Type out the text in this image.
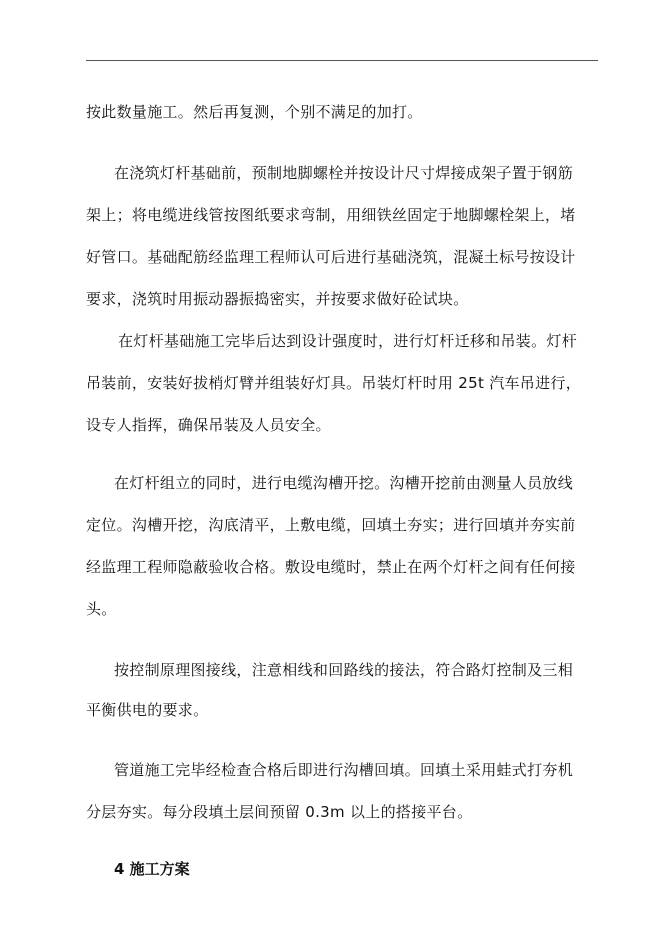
按此数量施工。然后再复测，个别不满足的加打。
在浇筑灯杆基础前，预制地脚螺栓并按设计尺寸焊接成架子置于钢筋
架上；将电缆进线管按图纸要求弯制，用细铁丝固定于地脚螺栓架上，堵
好管口。基础配筋经监理工程师认可后进行基础浇筑，混凝土标号按设计
要求，浇筑时用振动器振捣密实，并按要求做好砼试块。
在灯杆基础施工完毕后达到设计强度时，进行灯杆迁移和吊装。灯杆
吊装前，安装好拔梢灯臂并组装好灯具。吊装灯杆时用 25t 汽车吊进行，
设专人指挥，确保吊装及人员安全。
在灯杆组立的同时，进行电缆沟槽开挖。沟槽开挖前由测量人员放线
定位。沟槽开挖，沟底清平，上敷电缆，回填土夯实；进行回填并夯实前
经监理工程师隐蔽验收合格。敷设电缆时，禁止在两个灯杆之间有任何接
头。
按控制原理图接线，注意相线和回路线的接法，符合路灯控制及三相
平衡供电的要求。
管道施工完毕经检查合格后即进行沟槽回填。回填土采用蛙式打夯机
分层夯实。每分段填土层间预留 0.3m 以上的搭接平台。
4 施工方案
